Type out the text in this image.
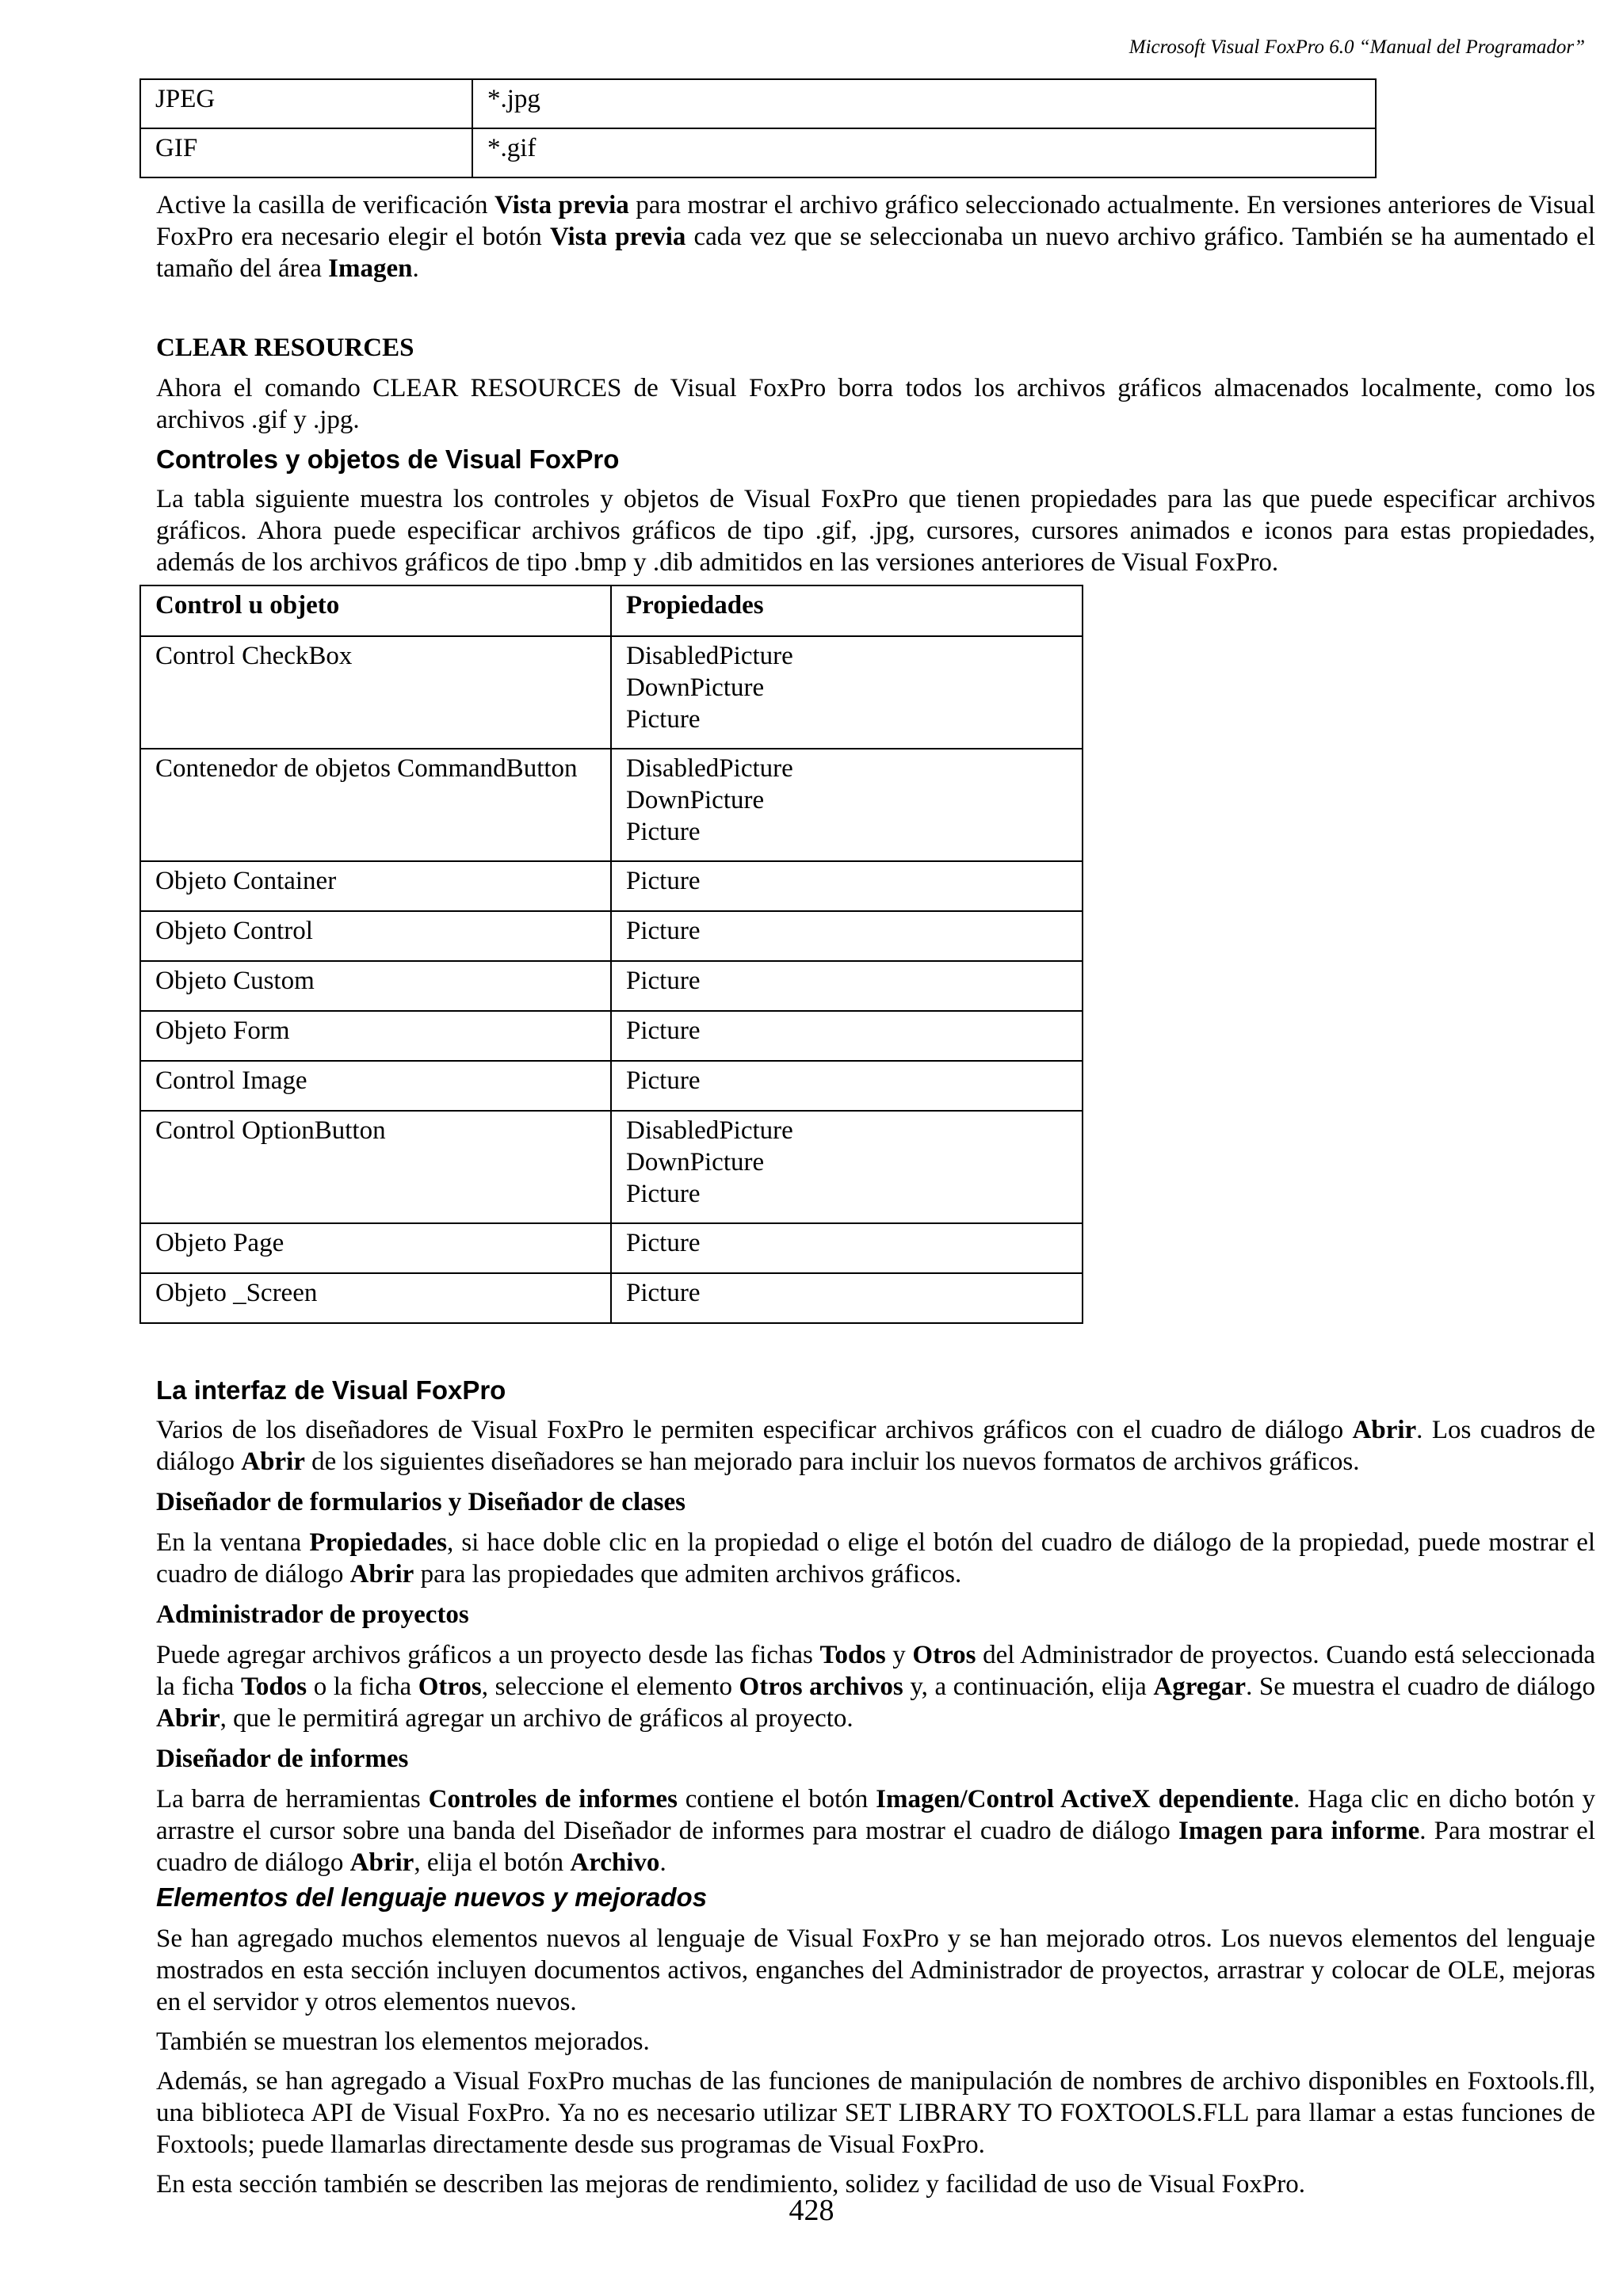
Microsoft Visual FoxPro 6.0 “Manual del Programador”
JPEG	*.jpg
GIF	*.gif

Active la casilla de verificación Vista previa para mostrar el archivo gráfico seleccionado actualmente. En versiones anteriores de Visual FoxPro era necesario elegir el botón Vista previa cada vez que se seleccionaba un nuevo archivo gráfico. También se ha aumentado el tamaño del área Imagen.

CLEAR RESOURCES

Ahora el comando CLEAR RESOURCES de Visual FoxPro borra todos los archivos gráficos almacenados localmente, como los archivos .gif y .jpg.

Controles y objetos de Visual FoxPro

La tabla siguiente muestra los controles y objetos de Visual FoxPro que tienen propiedades para las que puede especificar archivos gráficos. Ahora puede especificar archivos gráficos de tipo .gif, .jpg, cursores, cursores animados e iconos para estas propiedades, además de los archivos gráficos de tipo .bmp y .dib admitidos en las versiones anteriores de Visual FoxPro.

Control u objeto	Propiedades
Control CheckBox	DisabledPicture
DownPicture
Picture

Contenedor de objetos CommandButton	DisabledPicture
DownPicture
Picture

Objeto Container	Picture
Objeto Control	Picture
Objeto Custom	Picture
Objeto Form	Picture
Control Image	Picture
Control OptionButton	DisabledPicture
DownPicture
Picture

Objeto Page	Picture
Objeto _Screen	Picture

La interfaz de Visual FoxPro

Varios de los diseñadores de Visual FoxPro le permiten especificar archivos gráficos con el cuadro de diálogo Abrir. Los cuadros de diálogo Abrir de los siguientes diseñadores se han mejorado para incluir los nuevos formatos de archivos gráficos.

Diseñador de formularios y Diseñador de clases

En la ventana Propiedades, si hace doble clic en la propiedad o elige el botón del cuadro de diálogo de la propiedad, puede mostrar el cuadro de diálogo Abrir para las propiedades que admiten archivos gráficos.

Administrador de proyectos

Puede agregar archivos gráficos a un proyecto desde las fichas Todos y Otros del Administrador de proyectos. Cuando está seleccionada la ficha Todos o la ficha Otros, seleccione el elemento Otros archivos y, a continuación, elija Agregar. Se muestra el cuadro de diálogo Abrir, que le permitirá agregar un archivo de gráficos al proyecto.

Diseñador de informes

La barra de herramientas Controles de informes contiene el botón Imagen/Control ActiveX dependiente. Haga clic en dicho botón y arrastre el cursor sobre una banda del Diseñador de informes para mostrar el cuadro de diálogo Imagen para informe. Para mostrar el cuadro de diálogo Abrir, elija el botón Archivo.

Elementos del lenguaje nuevos y mejorados

Se han agregado muchos elementos nuevos al lenguaje de Visual FoxPro y se han mejorado otros. Los nuevos elementos del lenguaje mostrados en esta sección incluyen documentos activos, enganches del Administrador de proyectos, arrastrar y colocar de OLE, mejoras en el servidor y otros elementos nuevos.

También se muestran los elementos mejorados.

Además, se han agregado a Visual FoxPro muchas de las funciones de manipulación de nombres de archivo disponibles en Foxtools.fll, una biblioteca API de Visual FoxPro. Ya no es necesario utilizar SET LIBRARY TO FOXTOOLS.FLL para llamar a estas funciones de Foxtools; puede llamarlas directamente desde sus programas de Visual FoxPro.

En esta sección también se describen las mejoras de rendimiento, solidez y facilidad de uso de Visual FoxPro.

428
